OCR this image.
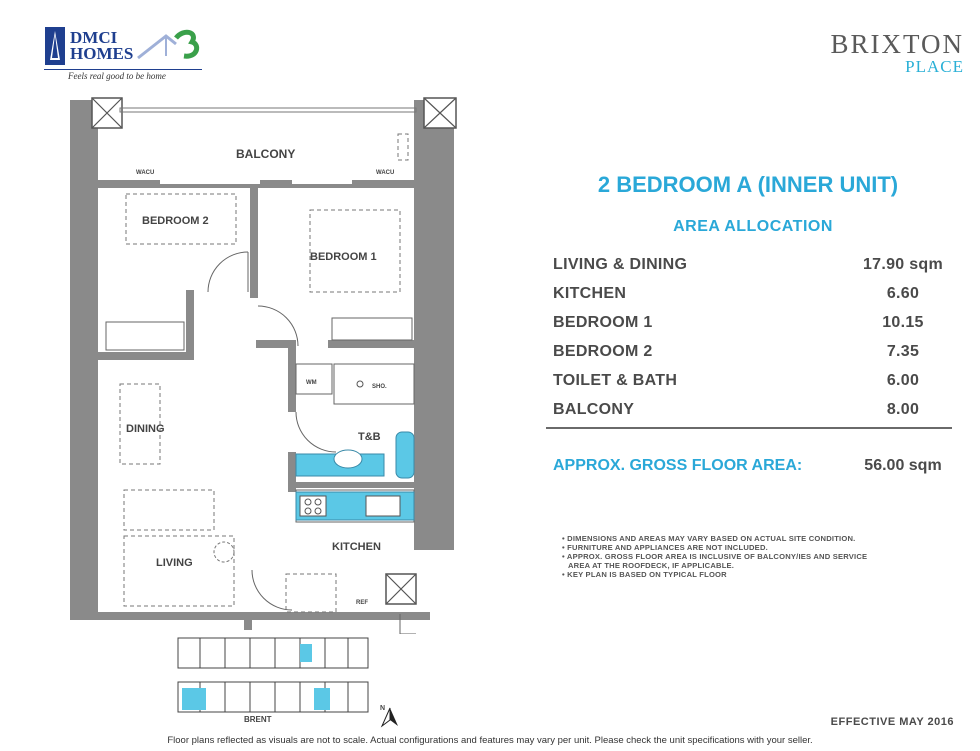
DMCI
HOMES
Feels real good to be home
BRIXTON
PLACE
BALCONY
BEDROOM 2
BEDROOM 1
DINING
T&B
KITCHEN
LIVING
WACU	WACU
WM
SHO.
REF
BRENT
N
2 BEDROOM A (INNER UNIT)
AREA ALLOCATION
LIVING & DINING	17.90 sqm
KITCHEN	6.60
BEDROOM 1	10.15
BEDROOM 2	7.35
TOILET & BATH	6.00
BALCONY	8.00
APPROX. GROSS FLOOR AREA:	56.00 sqm
• DIMENSIONS AND AREAS MAY VARY BASED ON ACTUAL SITE CONDITION.
• FURNITURE AND APPLIANCES ARE NOT INCLUDED.
• APPROX. GROSS FLOOR AREA IS INCLUSIVE OF BALCONY/IES AND SERVICE
AREA AT THE ROOFDECK, IF APPLICABLE.
• KEY PLAN IS BASED ON TYPICAL FLOOR
EFFECTIVE MAY 2016
Floor plans reflected as visuals are not to scale. Actual configurations and features may vary per unit. Please check the unit specifications with your seller.
